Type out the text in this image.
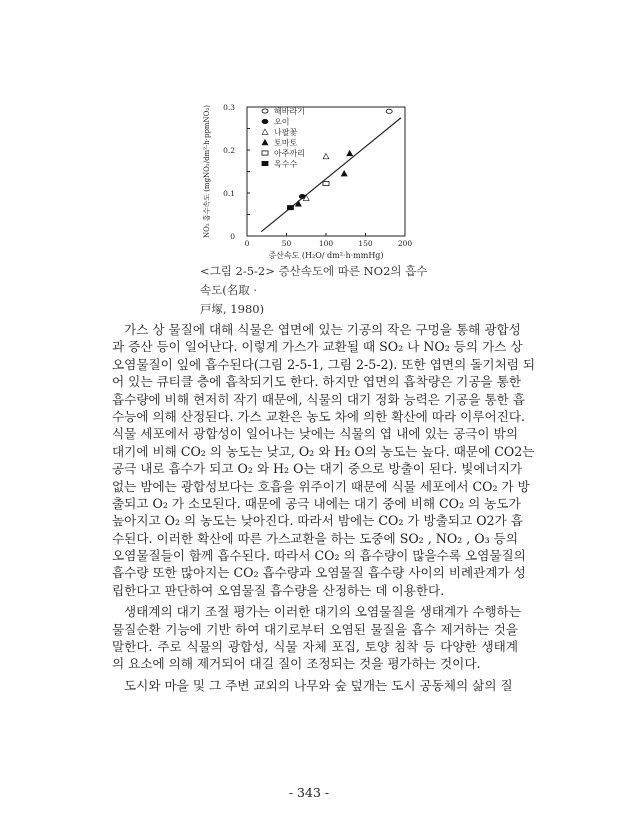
0	50	100	150	200
0
0.1
0.2
0.3
증산속도 (H₂O/ dm²·h·mmHg)
NO₂ 흡수속도 (mgNO₂/dm²·h·ppmNO₂)	해바라기
오이
나팔꽃
토마토
아주까리
옥수수
<그림 2-5-2> 증산속도에 따른 NO2의 흡수속도(名取 ·
戸塚, 1980)
가스 상 물질에 대해 식물은 엽면에 있는 기공의 작은 구멍을 통해 광합성
과 증산 등이 일어난다. 이렇게 가스가 교환될 때 SO₂ 나 NO₂ 등의 가스 상
오염물질이 잎에 흡수된다(그림 2-5-1, 그림 2-5-2). 또한 엽면의 돌기처럼 되
어 있는 큐티클 층에 흡착되기도 한다. 하지만 엽면의 흡착량은 기공을 통한
흡수량에 비해 현저히 작기 때문에, 식물의 대기 정화 능력은 기공을 통한 흡
수능에 의해 산정된다. 가스 교환은 농도 차에 의한 확산에 따라 이루어진다.
식물 세포에서 광합성이 일어나는 낮에는 식물의 엽 내에 있는 공극이 밖의
대기에 비해 CO₂ 의 농도는 낮고, O₂ 와 H₂ O의 농도는 높다. 때문에 CO2는
공극 내로 흡수가 되고 O₂ 와 H₂ O는 대기 중으로 방출이 된다. 빛에너지가
없는 밤에는 광합성보다는 호흡을 위주이기 때문에 식물 세포에서 CO₂ 가 방
출되고 O₂ 가 소모된다. 때문에 공극 내에는 대기 중에 비해 CO₂ 의 농도가
높아지고 O₂ 의 농도는 낮아진다. 따라서 밤에는 CO₂ 가 방출되고 O2가 흡
수된다. 이러한 확산에 따른 가스교환을 하는 도중에 SO₂ , NO₂ , O₃ 등의
오염물질들이 함께 흡수된다. 따라서 CO₂ 의 흡수량이 많을수록 오염물질의
흡수량 또한 많아지는 CO₂ 흡수량과 오염물질 흡수량 사이의 비례관계가 성
립한다고 판단하여 오염물질 흡수량을 산정하는 데 이용한다.
생태계의 대기 조절 평가는 이러한 대기의 오염물질을 생태계가 수행하는
물질순환 기능에 기반 하여 대기로부터 오염된 물질을 흡수 제거하는 것을
말한다. 주로 식물의 광합성, 식물 자체 포집, 토양 침착 등 다양한 생태계
의 요소에 의해 제거되어 대길 질이 조정되는 것을 평가하는 것이다.
도시와 마을 및 그 주변 교외의 나무와 숲 덮개는 도시 공동체의 삶의 질
- 343 -
